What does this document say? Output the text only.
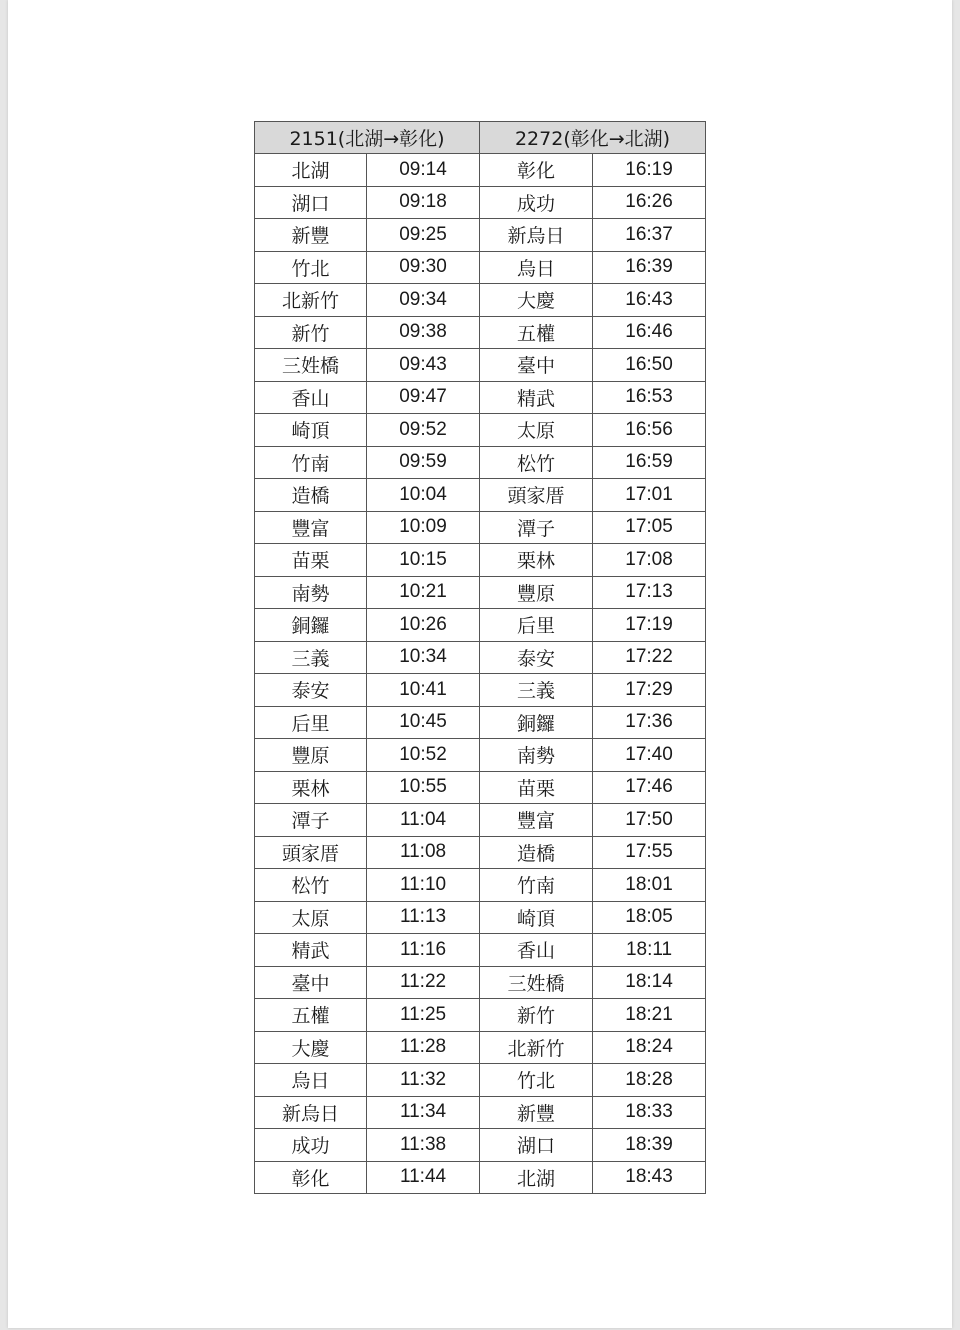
2151(北湖→彰化)		2272(彰化→北湖)	
北湖	09:14	彰化	16:19
湖口	09:18	成功	16:26
新豐	09:25	新烏日	16:37
竹北	09:30	烏日	16:39
北新竹	09:34	大慶	16:43
新竹	09:38	五權	16:46
三姓橋	09:43	臺中	16:50
香山	09:47	精武	16:53
崎頂	09:52	太原	16:56
竹南	09:59	松竹	16:59
造橋	10:04	頭家厝	17:01
豐富	10:09	潭子	17:05
苗栗	10:15	栗林	17:08
南勢	10:21	豐原	17:13
銅鑼	10:26	后里	17:19
三義	10:34	泰安	17:22
泰安	10:41	三義	17:29
后里	10:45	銅鑼	17:36
豐原	10:52	南勢	17:40
栗林	10:55	苗栗	17:46
潭子	11:04	豐富	17:50
頭家厝	11:08	造橋	17:55
松竹	11:10	竹南	18:01
太原	11:13	崎頂	18:05
精武	11:16	香山	18:11
臺中	11:22	三姓橋	18:14
五權	11:25	新竹	18:21
大慶	11:28	北新竹	18:24
烏日	11:32	竹北	18:28
新烏日	11:34	新豐	18:33
成功	11:38	湖口	18:39
彰化	11:44	北湖	18:43
